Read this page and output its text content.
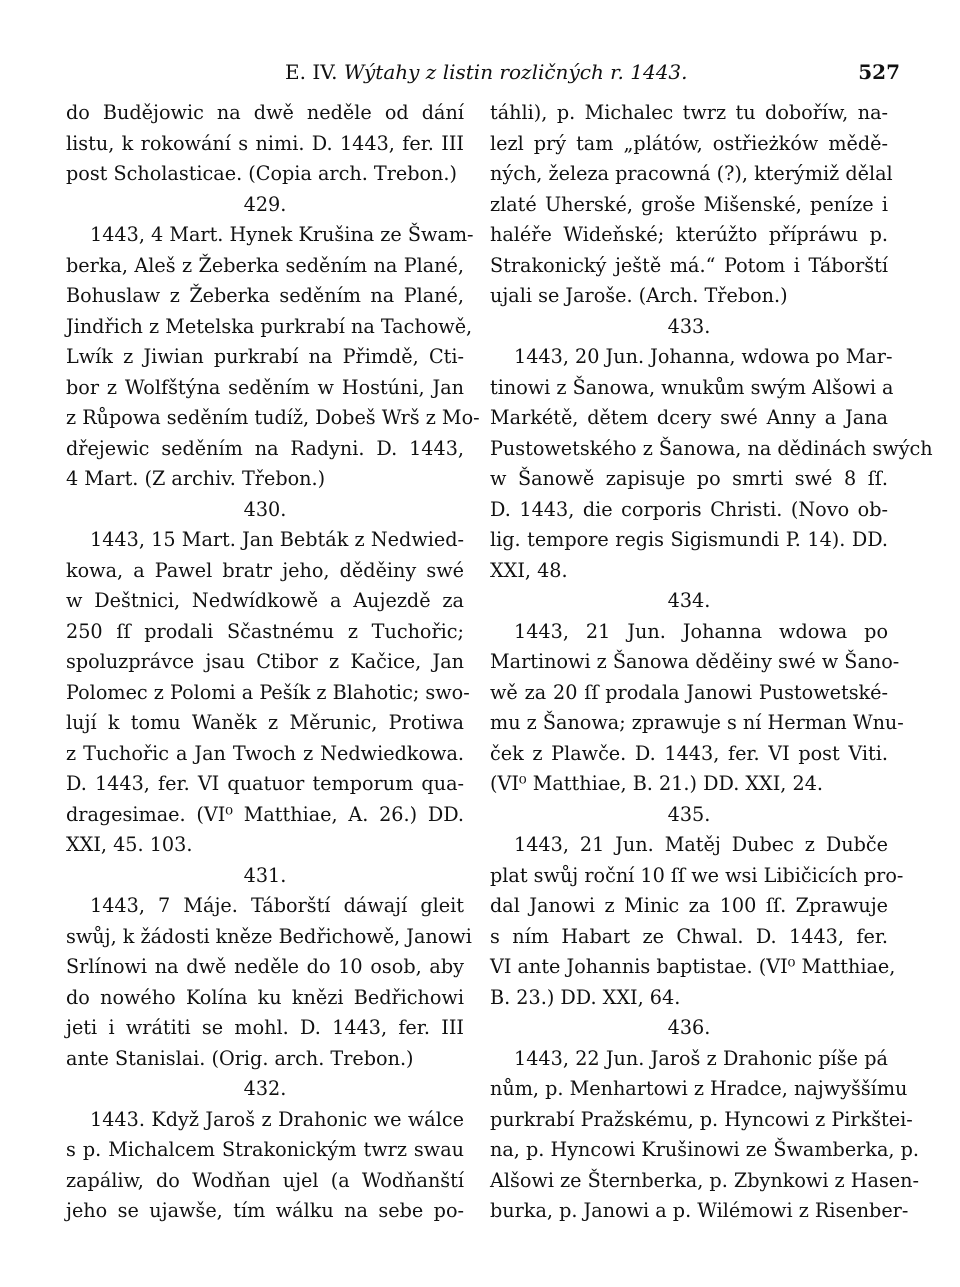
E. IV. Wýtahy z listin rozličných r. 1443.	527
do Budějowic na dwě neděle od dání
listu, k rokowání s nimi. D. 1443, fer. III
post Scholasticae. (Copia arch. Trebon.)
429.
1443, 4 Mart. Hynek Krušina ze Šwam-
berka, Aleš z Žeberka seděním na Plané,
Bohuslaw z Žeberka seděním na Plané,
Jindřich z Metelska purkrabí na Tachowě,
Lwík z Jiwian purkrabí na Přimdě, Cti-
bor z Wolfštýna seděním w Hostúni, Jan
z Růpowa seděním tudíž, Dobeš Wrš z Mo-
dřejewic seděním na Radyni. D. 1443,
4 Mart. (Z archiv. Třebon.)
430.
1443, 15 Mart. Jan Bebták z Nedwied-
kowa, a Pawel bratr jeho, děděiny swé
w Deštnici, Nedwídkowě a Aujezdě za
250 ſſ prodali Sčastnému z Tuchořic;
spoluzprávce jsau Ctibor z Kačice, Jan
Polomec z Polomi a Pešík z Blahotic; swo-
lují k tomu Waněk z Měrunic, Protiwa
z Tuchořic a Jan Twoch z Nedwiedkowa.
D. 1443, fer. VI quatuor temporum qua-
dragesimae. (VI⁰ Matthiae, A. 26.) DD.
XXI, 45. 103.
431.
1443, 7 Máje. Táborští dáwají gleit
swůj, k žádosti kněze Bedřichowě, Janowi
Srlínowi na dwě neděle do 10 osob, aby
do nowého Kolína ku knězi Bedřichowi
jeti i wrátiti se mohl. D. 1443, fer. III
ante Stanislai. (Orig. arch. Trebon.)
432.
1443. Když Jaroš z Drahonic we wálce
s p. Michalcem Strakonickým twrz swau
zapáliw, do Wodňan ujel (a Wodňanští
jeho se ujawše, tím wálku na sebe po-
táhli), p. Michalec twrz tu doboříw, na-
lezl prý tam „plátów, ostřieżków mědě-
ných, železa pracowná (?), kterýmiž dělal
zlaté Uherské, groše Mišenské, peníze i
haléře Wideňské; kterúžto přípráwu p.
Strakonický ještě má.“ Potom i Táborští
ujali se Jaroše. (Arch. Třebon.)
433.
1443, 20 Jun. Johanna, wdowa po Mar-
tinowi z Šanowa, wnukům swým Alšowi a
Markétě, dětem dcery swé Anny a Jana
Pustowetského z Šanowa, na dědinách swých
w Šanowě zapisuje po smrti swé 8 ſſ.
D. 1443, die corporis Christi. (Novo ob-
lig. tempore regis Sigismundi P. 14). DD.
XXI, 48.
434.
1443, 21 Jun. Johanna wdowa po
Martinowi z Šanowa děděiny swé w Šano-
wě za 20 ſſ prodala Janowi Pustowetské-
mu z Šanowa; zprawuje s ní Herman Wnu-
ček z Plawče. D. 1443, fer. VI post Viti.
(VI⁰ Matthiae, B. 21.) DD. XXI, 24.
435.
1443, 21 Jun. Matěj Dubec z Dubče
plat swůj roční 10 ſſ we wsi Libičicích pro-
dal Janowi z Minic za 100 ſſ. Zprawuje
s ním Habart ze Chwal. D. 1443, fer.
VI ante Johannis baptistae. (VI⁰ Matthiae,
B. 23.) DD. XXI, 64.
436.
1443, 22 Jun. Jaroš z Drahonic píše pá
nům, p. Menhartowi z Hradce, najwyššímu
purkrabí Pražskému, p. Hyncowi z Pirkštei-
na, p. Hyncowi Krušinowi ze Šwamberka, p.
Alšowi ze Šternberka, p. Zbynkowi z Hasen-
burka, p. Janowi a p. Wilémowi z Risenber-
